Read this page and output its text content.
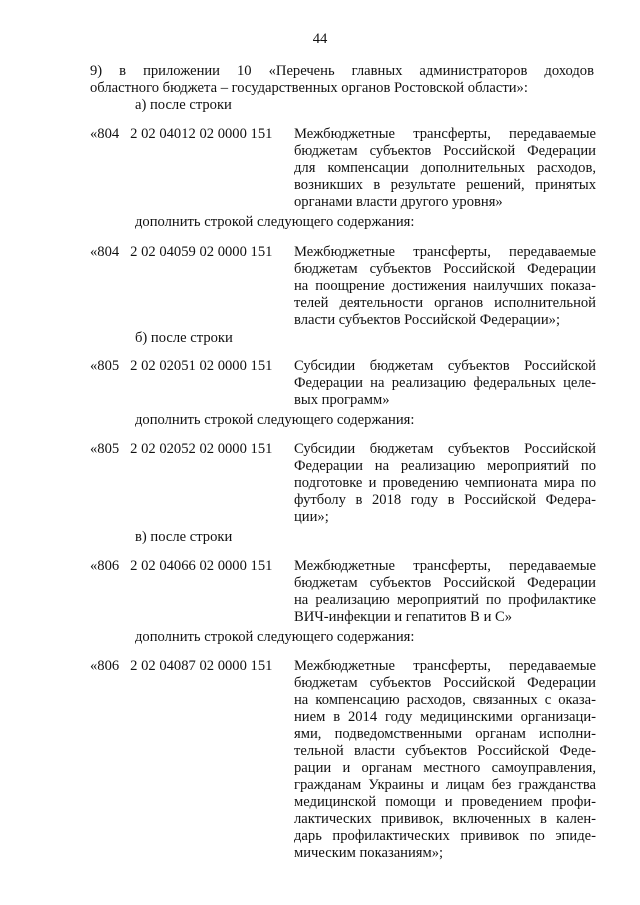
44
9) в приложении 10 «Перечень главных администраторов доходов
областного бюджета – государственных органов Ростовской области»:
а) после строки
«804   2 02 04012 02 0000 151 Межбюджетные трансферты, передаваемые
бюджетам субъектов Российской Федерации
для компенсации дополнительных расходов,
возникших в результате решений, принятых
органами власти другого уровня»
дополнить строкой следующего содержания:
«804   2 02 04059 02 0000 151 Межбюджетные трансферты, передаваемые
бюджетам субъектов Российской Федерации
на поощрение достижения наилучших показа-
телей деятельности органов исполнительной
власти субъектов Российской Федерации»;
б) после строки
«805   2 02 02051 02 0000 151 Субсидии бюджетам субъектов Российской
Федерации на реализацию федеральных целе-
вых программ»
дополнить строкой следующего содержания:
«805   2 02 02052 02 0000 151 Субсидии бюджетам субъектов Российской
Федерации на реализацию мероприятий по
подготовке и проведению чемпионата мира по
футболу в 2018 году в Российской Федера-
ции»;
в) после строки
«806   2 02 04066 02 0000 151 Межбюджетные трансферты, передаваемые
бюджетам субъектов Российской Федерации
на реализацию мероприятий по профилактике
ВИЧ-инфекции и гепатитов В и С»
дополнить строкой следующего содержания:
«806   2 02 04087 02 0000 151 Межбюджетные трансферты, передаваемые
бюджетам субъектов Российской Федерации
на компенсацию расходов, связанных с оказа-
нием в 2014 году медицинскими организаци-
ями, подведомственными органам исполни-
тельной власти субъектов Российской Феде-
рации и органам местного самоуправления,
гражданам Украины и лицам без гражданства
медицинской помощи и проведением профи-
лактических прививок, включенных в кален-
дарь профилактических прививок по эпиде-
мическим показаниям»;
